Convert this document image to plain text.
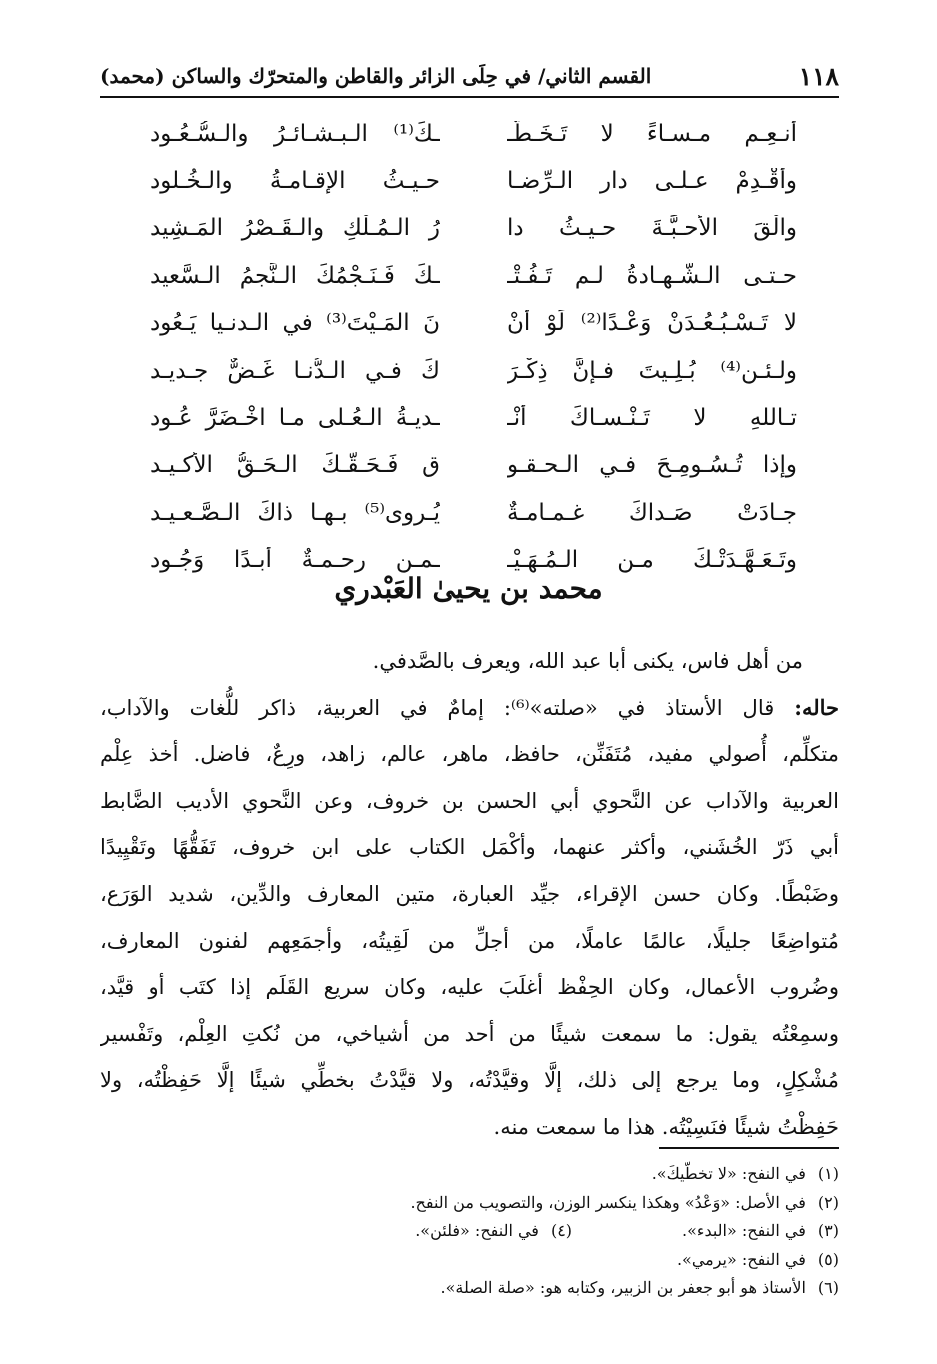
١١٨
القسم الثاني/ في حِلَى الزائر والقاطن والمتحرّك والساكن (محمد)
أنـعِـم مـسـاءً لا تَـخَـطَّـ
ـكَ⁽¹⁾ الـبـشـائـرُ والـسُّـعُـود
وأَقْـدِمْ عـلـى دارِ الـرِّضـا
حـيـثُ الإقـامـةُ والـخُـلود
والْقَ الأحـبَّـةَ حـيـثُ دا
رُ الـمُـلْكِ والـقَـصْرُ المَـشِيد
حـتـى الـشَّـهـادةُ لـم تَـفُـتْـ
ـكَ فَـنَـجْمُكَ الـنَّجمُ الـسَّعيد
لا تَـسْـبُـعُـدَنْ وَعْـدًا⁽²⁾ لَوْ أَنْ
نَ المَـيْتَ⁽³⁾ في الـدنـيا يَـعُود
ولـئـن⁽⁴⁾ بُـلِـيتَ فـإنَّ ذِكْـرَ
كَ فـي الـدُّنـا غَـضٌّ جـديـد
تـاللهِ لا تَـنْـسـاكَ أنْـ
ـديـةُ الـعُـلى مـا اخْـضَرَّ عُـود
وإذا تُـسُـومِـحَ فـي الـحـقـو
قِ فَـحَـقُّـكَ الـحَـقُّ الأكـيـد
جـادَتْ صَـداكَ غـمـامـةٌ
يُـروى⁽⁵⁾ بـهـا ذاكَ الـصَّـعـيـد
وتَـعَـهَّـدَتْـكَ مـن الـمُـهَـيْـ
ـمـن رحـمـةٌ أبـدًا وَجُـود
محمد بن يحيىٰ العَبْدري
من أهل فاس، يكنى أبا عبد الله، ويعرف بالصَّدفي.
حاله: قال الأستاذ في «صلته»⁽⁶⁾: إمامٌ في العربية، ذاكر للُّغات والآداب،
متكلِّم، أُصولي مفيد، مُتَفَنِّن، حافظ، ماهر، عالم، زاهد، ورِعٌ، فاضل. أخذ عِلْم
العربية والآداب عن النَّحوي أبي الحسن بن خروف، وعن النَّحوي الأديب الضَّابط
أبي ذَرّ الخُشَني، وأكثر عنهما، وأكْمَل الكتاب على ابن خروف، تَفَقُّهًا وتَقْيِيدًا
وضَبْطًا. وكان حسن الإقراء، جيِّد العبارة، متين المعارف والدِّين، شديد الوَرَع،
مُتواضِعًا جليلًا، عالمًا عاملًا، من أجلِّ من لَقِيتُه، وأجمَعِهم لفنون المعارف،
وضُروب الأعمال، وكان الحِفْظ أغلَبَ عليه، وكان سريع القَلَم إذا كتَب أو قيَّد،
وسمِعْتُه يقول: ما سمعت شيئًا من أحد من أشياخي، من نُكتِ العِلْم، وتَفْسير
مُشْكِلٍ، وما يرجع إلى ذلك، إلَّا وقيَّدْتُه، ولا قيَّدْتُ بخطِّي شيئًا إلَّا حَفِظْتُه، ولا
حَفِظْتُ شيئًا فنَسِيْتُه. هذا ما سمعت منه.
(١)
في النفح: «لا تخطّيكَ».
(٢)
في الأصل: «وَعْدُ» وهكذا ينكسر الوزن، والتصويب من النفح.
(٣)
في النفح: «البدء».
(٤)
في النفح: «فلئن».
(٥)
في النفح: «يرمي».
(٦)
الأستاذ هو أبو جعفر بن الزبير، وكتابه هو: «صلة الصلة».
